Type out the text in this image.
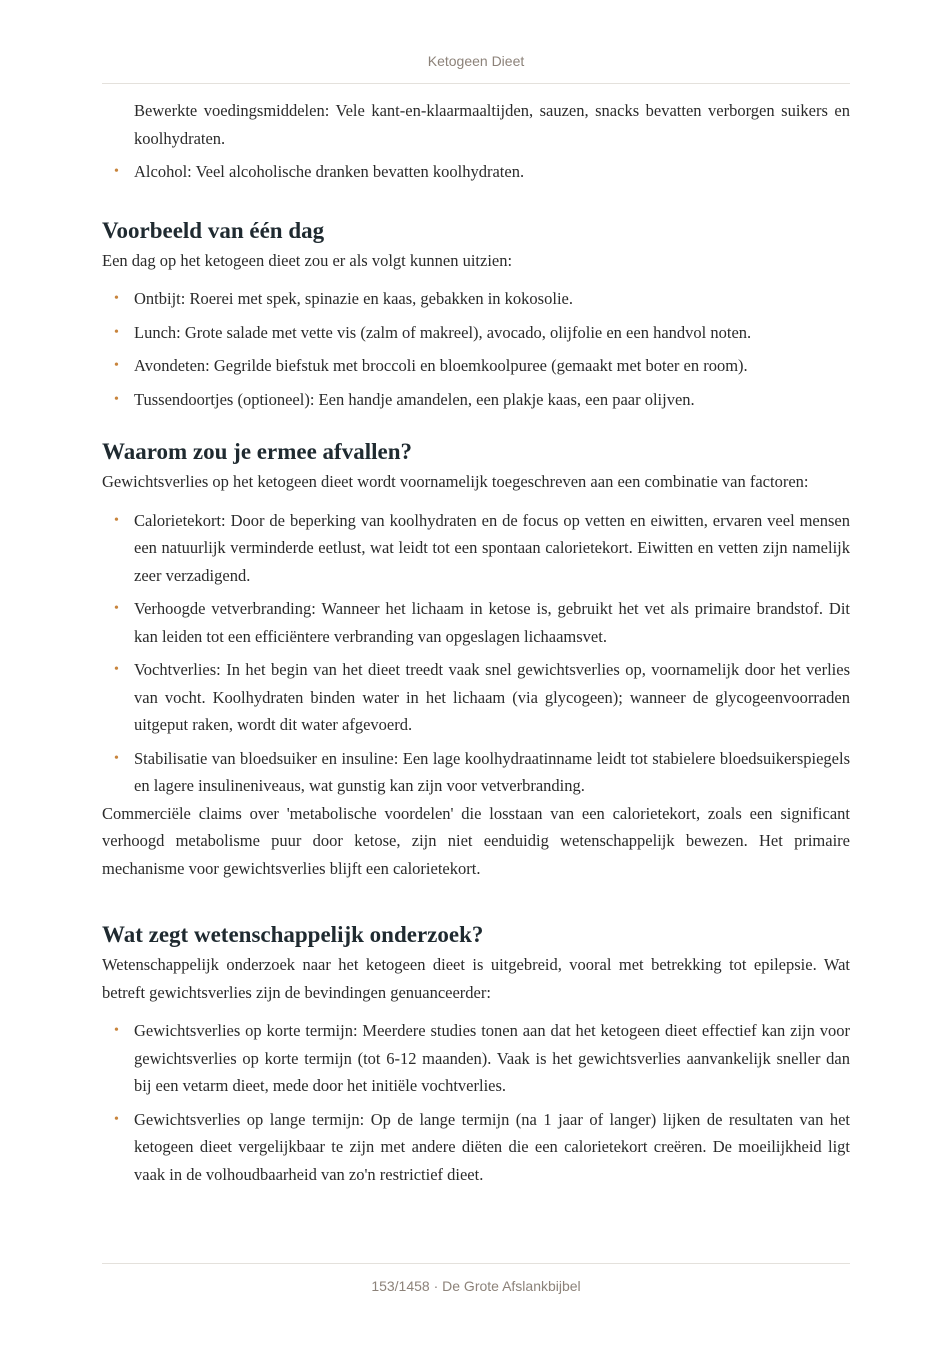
Ketogeen Dieet
Bewerkte voedingsmiddelen: Vele kant-en-klaarmaaltijden, sauzen, snacks bevatten verborgen suikers en koolhydraten.
• Alcohol: Veel alcoholische dranken bevatten koolhydraten.
Voorbeeld van één dag

Een dag op het ketogeen dieet zou er als volgt kunnen uitzien:

• Ontbijt: Roerei met spek, spinazie en kaas, gebakken in kokosolie.
• Lunch: Grote salade met vette vis (zalm of makreel), avocado, olijfolie en een handvol noten.
• Avondeten: Gegrilde biefstuk met broccoli en bloemkoolpuree (gemaakt met boter en room).
• Tussendoortjes (optioneel): Een handje amandelen, een plakje kaas, een paar olijven.
Waarom zou je ermee afvallen?

Gewichtsverlies op het ketogeen dieet wordt voornamelijk toegeschreven aan een combinatie van factoren:

• Calorietekort: Door de beperking van koolhydraten en de focus op vetten en eiwitten, ervaren veel mensen een natuurlijk verminderde eetlust, wat leidt tot een spontaan calorietekort. Eiwitten en vetten zijn namelijk zeer verzadigend.
• Verhoogde vetverbranding: Wanneer het lichaam in ketose is, gebruikt het vet als primaire brandstof. Dit kan leiden tot een efficiëntere verbranding van opgeslagen lichaamsvet.
• Vochtverlies: In het begin van het dieet treedt vaak snel gewichtsverlies op, voornamelijk door het verlies van vocht. Koolhydraten binden water in het lichaam (via glycogeen); wanneer de glycogeenvoorraden uitgeput raken, wordt dit water afgevoerd.
• Stabilisatie van bloedsuiker en insuline: Een lage koolhydraatinname leidt tot stabielere bloedsuikerspiegels en lagere insulineniveaus, wat gunstig kan zijn voor vetverbranding.

Commerciële claims over 'metabolische voordelen' die losstaan van een calorietekort, zoals een significant verhoogd metabolisme puur door ketose, zijn niet eenduidig wetenschappelijk bewezen. Het primaire mechanisme voor gewichtsverlies blijft een calorietekort.

Wat zegt wetenschappelijk onderzoek?

Wetenschappelijk onderzoek naar het ketogeen dieet is uitgebreid, vooral met betrekking tot epilepsie. Wat betreft gewichtsverlies zijn de bevindingen genuanceerder:

• Gewichtsverlies op korte termijn: Meerdere studies tonen aan dat het ketogeen dieet effectief kan zijn voor gewichtsverlies op korte termijn (tot 6-12 maanden). Vaak is het gewichtsverlies aanvankelijk sneller dan bij een vetarm dieet, mede door het initiële vochtverlies.
• Gewichtsverlies op lange termijn: Op de lange termijn (na 1 jaar of langer) lijken de resultaten van het ketogeen dieet vergelijkbaar te zijn met andere diëten die een calorietekort creëren. De moeilijkheid ligt vaak in de volhoudbaarheid van zo'n restrictief dieet.
153/1458 · De Grote Afslankbijbel
